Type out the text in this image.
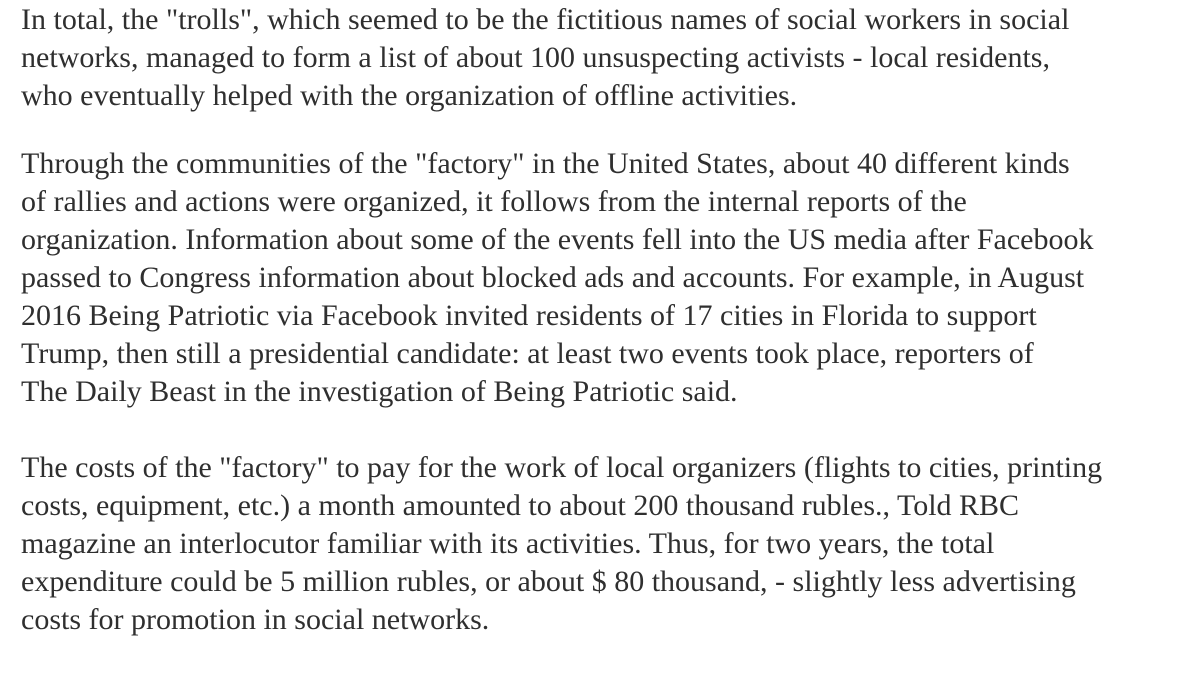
In total, the "trolls", which seemed to be the fictitious names of social workers in social
networks, managed to form a list of about 100 unsuspecting activists - local residents,
who eventually helped with the organization of offline activities.

Through the communities of the "factory" in the United States, about 40 different kinds
of rallies and actions were organized, it follows from the internal reports of the
organization. Information about some of the events fell into the US media after Facebook
passed to Congress information about blocked ads and accounts. For example, in August
2016 Being Patriotic via Facebook invited residents of 17 cities in Florida to support
Trump, then still a presidential candidate: at least two events took place, reporters of
The Daily Beast in the investigation of Being Patriotic said.

The costs of the "factory" to pay for the work of local organizers (flights to cities, printing
costs, equipment, etc.) a month amounted to about 200 thousand rubles., Told RBC
magazine an interlocutor familiar with its activities. Thus, for two years, the total
expenditure could be 5 million rubles, or about $ 80 thousand, - slightly less advertising
costs for promotion in social networks.
